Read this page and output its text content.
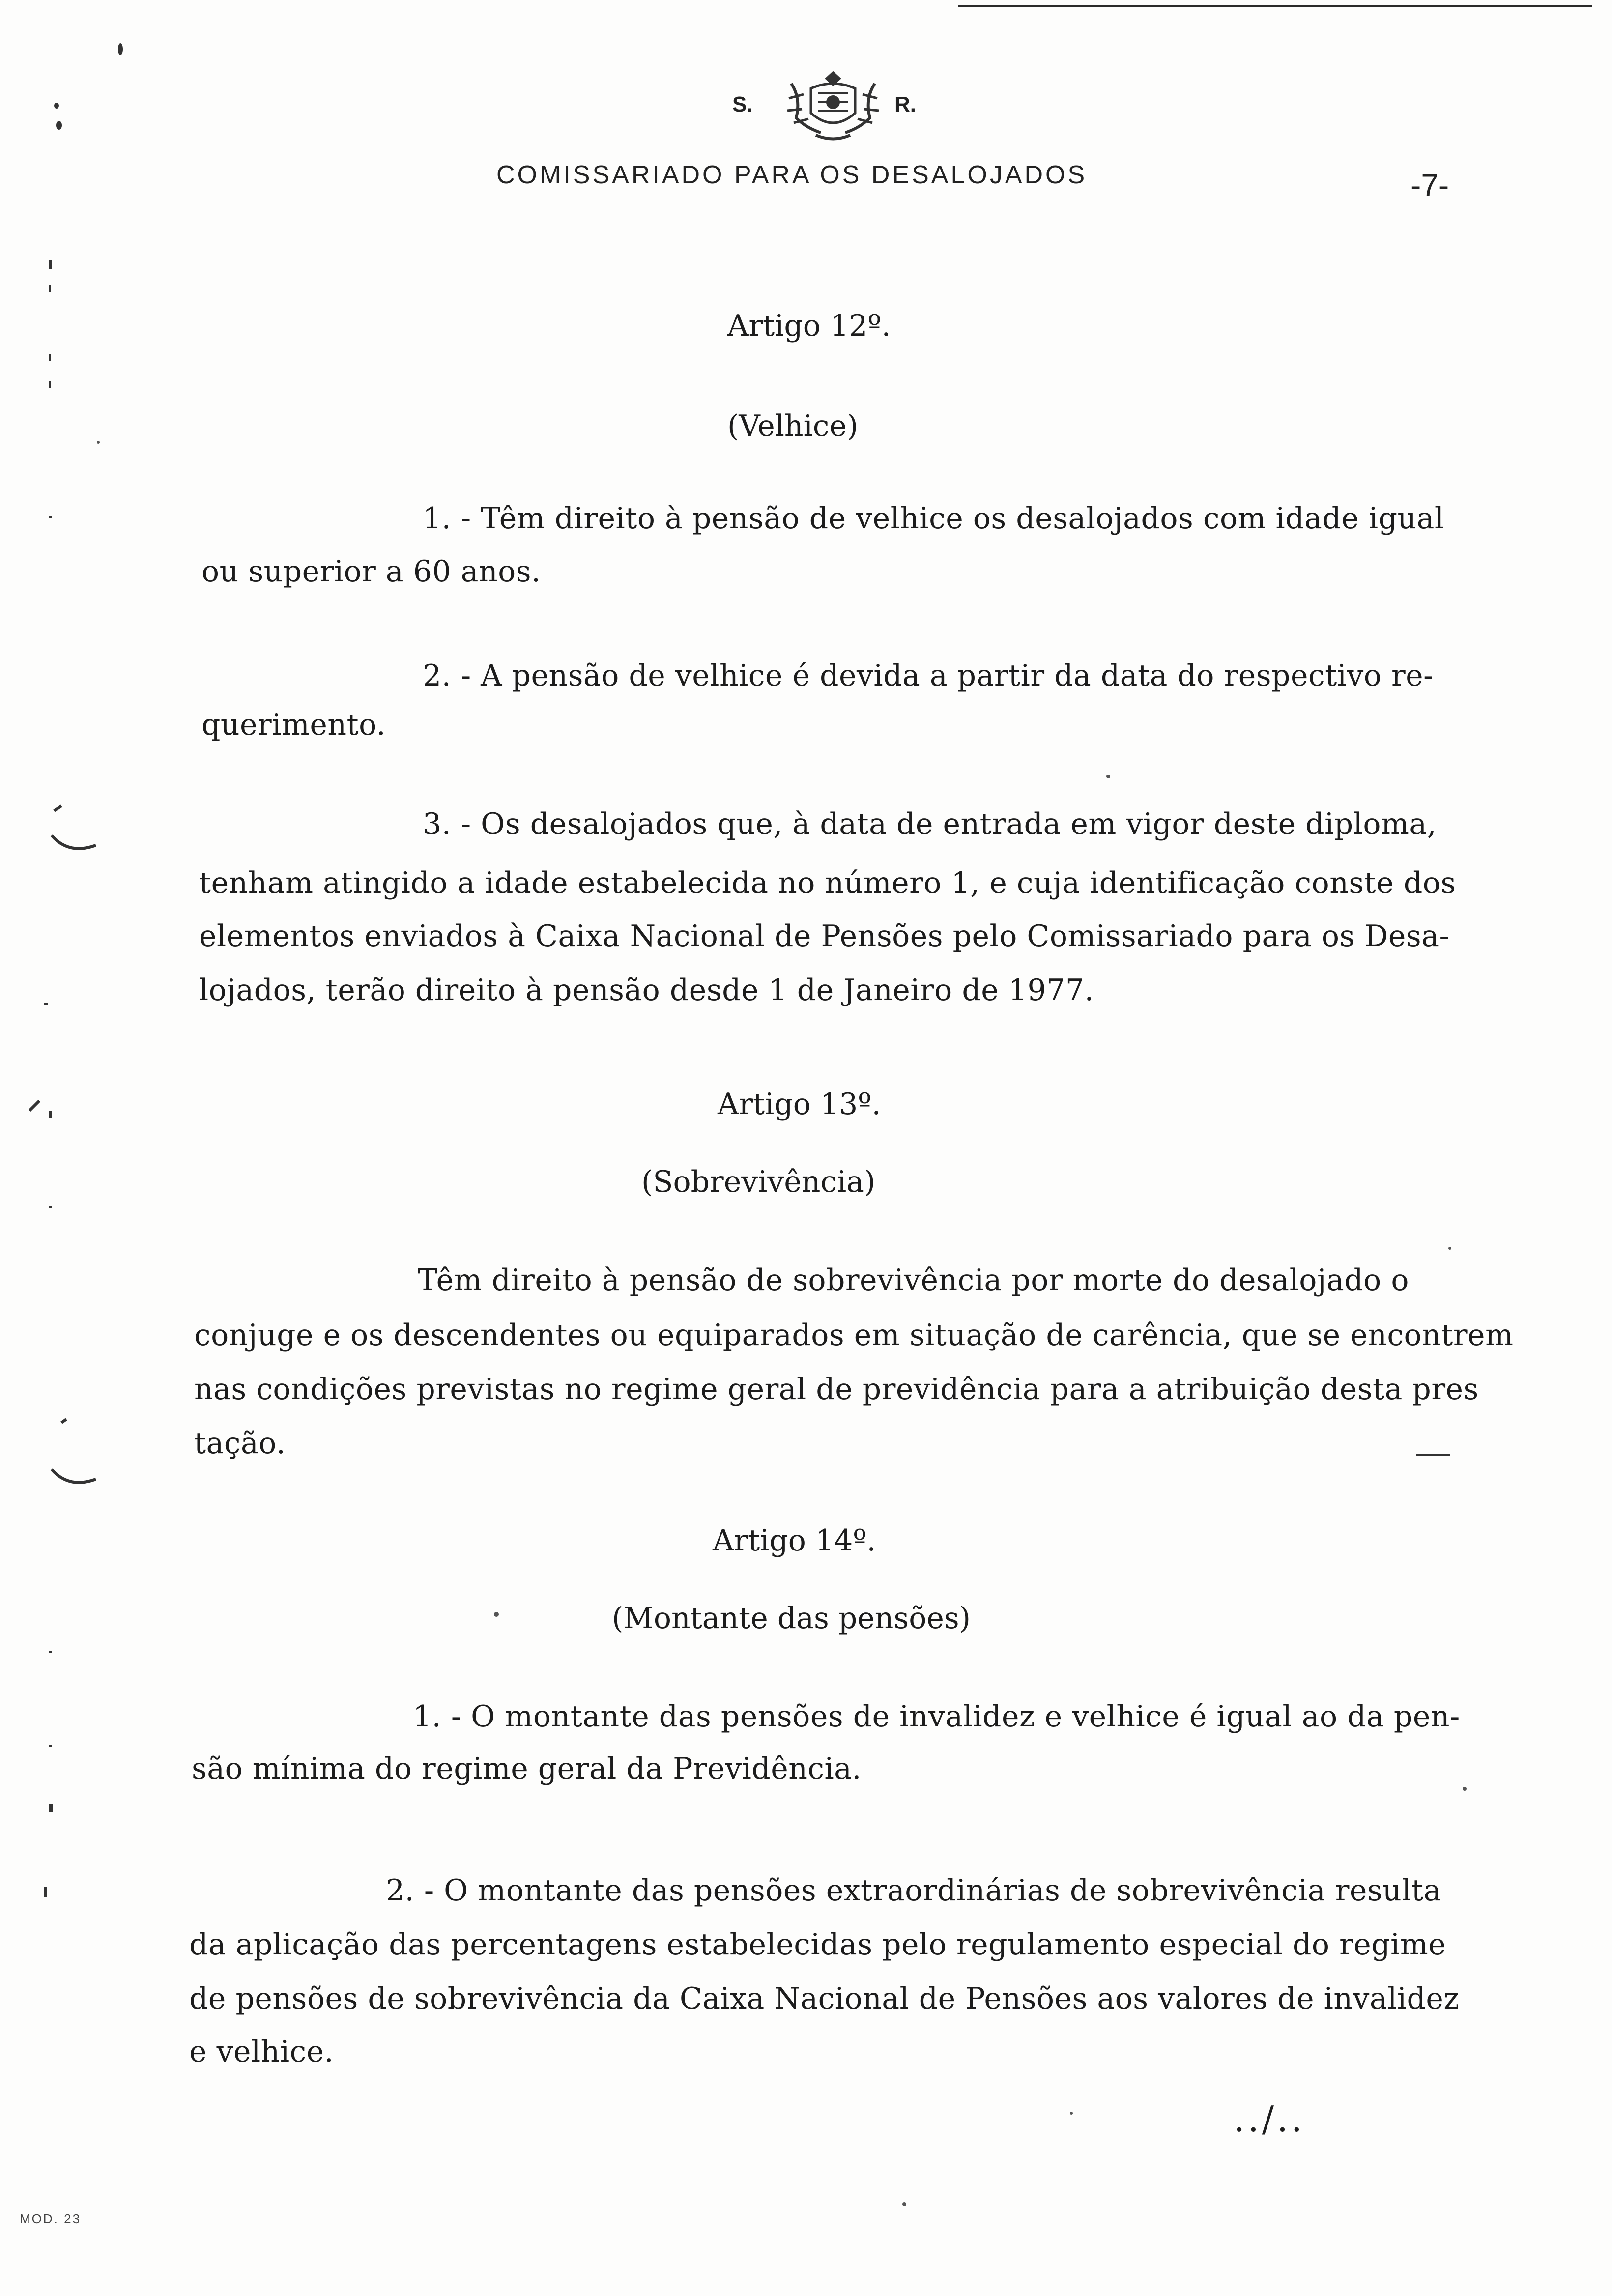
S.	R.
COMISSARIADO PARA OS DESALOJADOS	-7-
Artigo 12º.
(Velhice)
1. - Têm direito à pensão de velhice os desalojados com idade igual
ou superior a 60 anos.
2. - A pensão de velhice é devida a partir da data do respectivo re-
querimento.
3. - Os desalojados que, à data de entrada em vigor deste diploma,
tenham atingido a idade estabelecida no número 1, e cuja identificação conste dos
elementos enviados à Caixa Nacional de Pensões pelo Comissariado para os Desa-
lojados, terão direito à pensão desde 1 de Janeiro de 1977.
Artigo 13º.
(Sobrevivência)
Têm direito à pensão de sobrevivência por morte do desalojado o
conjuge e os descendentes ou equiparados em situação de carência, que se encontrem
nas condições previstas no regime geral de previdência para a atribuição desta pres
tação.
Artigo 14º.
(Montante das pensões)
1. - O montante das pensões de invalidez e velhice é igual ao da pen-
são mínima do regime geral da Previdência.
2. - O montante das pensões extraordinárias de sobrevivência resulta
da aplicação das percentagens estabelecidas pelo regulamento especial do regime
de pensões de sobrevivência da Caixa Nacional de Pensões aos valores de invalidez
e velhice.
../..
MOD. 23
